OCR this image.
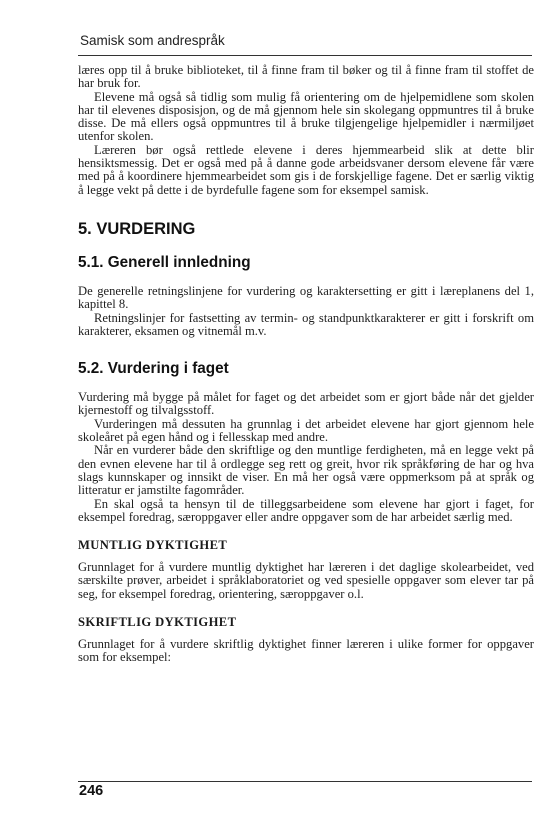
Samisk som andrespråk

læres opp til å bruke biblioteket, til å finne fram til bøker og til å finne fram til stoffet de har bruk for.

Elevene må også så tidlig som mulig få orientering om de hjelpemidlene som skolen har til elevenes disposisjon, og de må gjennom hele sin skolegang oppmuntres til å bruke disse. De må ellers også oppmuntres til å bruke tilgjengelige hjelpemidler i nærmiljøet utenfor skolen.

Læreren bør også rettlede elevene i deres hjemmearbeid slik at dette blir hensiktsmessig. Det er også med på å danne gode arbeidsvaner dersom elevene får være med på å koordinere hjemmearbeidet som gis i de forskjellige fagene. Det er særlig viktig å legge vekt på dette i de byrdefulle fagene som for eksempel samisk.

5. VURDERING
5.1. Generell innledning

De generelle retningslinjene for vurdering og karaktersetting er gitt i læreplanens del 1, kapittel 8.

Retningslinjer for fastsetting av termin- og standpunktkarakterer er gitt i forskrift om karakterer, eksamen og vitnemål m.v.

5.2. Vurdering i faget

Vurdering må bygge på målet for faget og det arbeidet som er gjort både når det gjelder kjernestoff og tilvalgsstoff.

Vurderingen må dessuten ha grunnlag i det arbeidet elevene har gjort gjennom hele skoleåret på egen hånd og i fellesskap med andre.

Når en vurderer både den skriftlige og den muntlige ferdigheten, må en legge vekt på den evnen elevene har til å ordlegge seg rett og greit, hvor rik språkføring de har og hva slags kunnskaper og innsikt de viser. En må her også være oppmerksom på at språk og litteratur er jamstilte fagområder.

En skal også ta hensyn til de tilleggsarbeidene som elevene har gjort i faget, for eksempel foredrag, særoppgaver eller andre oppgaver som de har arbeidet særlig med.

MUNTLIG DYKTIGHET

Grunnlaget for å vurdere muntlig dyktighet har læreren i det daglige skolearbeidet, ved særskilte prøver, arbeidet i språklaboratoriet og ved spesielle oppgaver som elever tar på seg, for eksempel foredrag, orientering, særoppgaver o.l.

SKRIFTLIG DYKTIGHET

Grunnlaget for å vurdere skriftlig dyktighet finner læreren i ulike former for oppgaver som for eksempel:

246
